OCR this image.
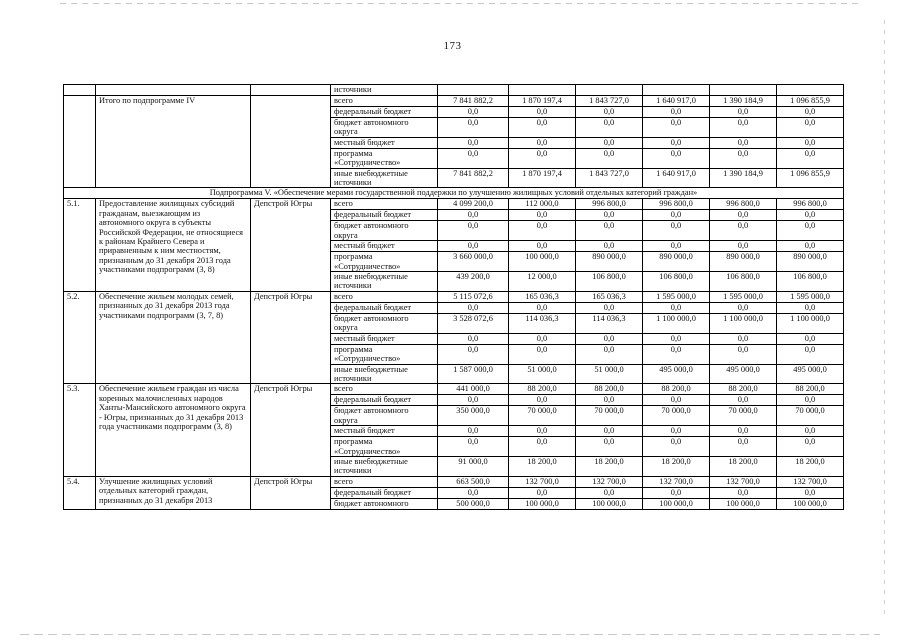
173
			источники						
	Итого по подпрограмме IV		всего	7 841 882,2	1 870 197,4	1 843 727,0	1 640 917,0	1 390 184,9	1 096 855,9
			федеральный бюджет	0,0	0,0	0,0	0,0	0,0	0,0
			бюджет автономного округа	0,0	0,0	0,0	0,0	0,0	0,0
			местный бюджет	0,0	0,0	0,0	0,0	0,0	0,0
			программа «Сотрудничество»	0,0	0,0	0,0	0,0	0,0	0,0
			иные внебюджетные источники	7 841 882,2	1 870 197,4	1 843 727,0	1 640 917,0	1 390 184,9	1 096 855,9
Подпрограмма V. «Обеспечение мерами государственной поддержки по улучшению жилищных условий отдельных категорий граждан»									
5.1.	Предоставление жилищных субсидий гражданам, выезжающим из автономного округа в субъекты Российской Федерации, не относящиеся к районам Крайнего Севера и приравненным к ним местностям, признанным до 31 декабря 2013 года участниками подпрограмм (3, 8)	Депстрой Югры	всего	4 099 200,0	112 000,0	996 800,0	996 800,0	996 800,0	996 800,0
			федеральный бюджет	0,0	0,0	0,0	0,0	0,0	0,0
			бюджет автономного округа	0,0	0,0	0,0	0,0	0,0	0,0
			местный бюджет	0,0	0,0	0,0	0,0	0,0	0,0
			программа «Сотрудничество»	3 660 000,0	100 000,0	890 000,0	890 000,0	890 000,0	890 000,0
			иные внебюджетные источники	439 200,0	12 000,0	106 800,0	106 800,0	106 800,0	106 800,0
5.2.	Обеспечение жильем молодых семей, признанных до 31 декабря 2013 года участниками подпрограмм (3, 7, 8)	Депстрой Югры	всего	5 115 072,6	165 036,3	165 036,3	1 595 000,0	1 595 000,0	1 595 000,0
			федеральный бюджет	0,0	0,0	0,0	0,0	0,0	0,0
			бюджет автономного округа	3 528 072,6	114 036,3	114 036,3	1 100 000,0	1 100 000,0	1 100 000,0
			местный бюджет	0,0	0,0	0,0	0,0	0,0	0,0
			программа «Сотрудничество»	0,0	0,0	0,0	0,0	0,0	0,0
			иные внебюджетные источники	1 587 000,0	51 000,0	51 000,0	495 000,0	495 000,0	495 000,0
5.3.	Обеспечение жильем граждан из числа коренных малочисленных народов Ханты-Мансийского автономного округа - Югры, признанных до 31 декабря 2013 года участниками подпрограмм (3, 8)	Депстрой Югры	всего	441 000,0	88 200,0	88 200,0	88 200,0	88 200,0	88 200,0
			федеральный бюджет	0,0	0,0	0,0	0,0	0,0	0,0
			бюджет автономного округа	350 000,0	70 000,0	70 000,0	70 000,0	70 000,0	70 000,0
			местный бюджет	0,0	0,0	0,0	0,0	0,0	0,0
			программа «Сотрудничество»	0,0	0,0	0,0	0,0	0,0	0,0
			иные внебюджетные источники	91 000,0	18 200,0	18 200,0	18 200,0	18 200,0	18 200,0
5.4.	Улучшение жилищных условий отдельных категорий граждан, признанных до 31 декабря 2013	Депстрой Югры	всего	663 500,0	132 700,0	132 700,0	132 700,0	132 700,0	132 700,0
			федеральный бюджет	0,0	0,0	0,0	0,0	0,0	0,0
			бюджет автономного	500 000,0	100 000,0	100 000,0	100 000,0	100 000,0	100 000,0
